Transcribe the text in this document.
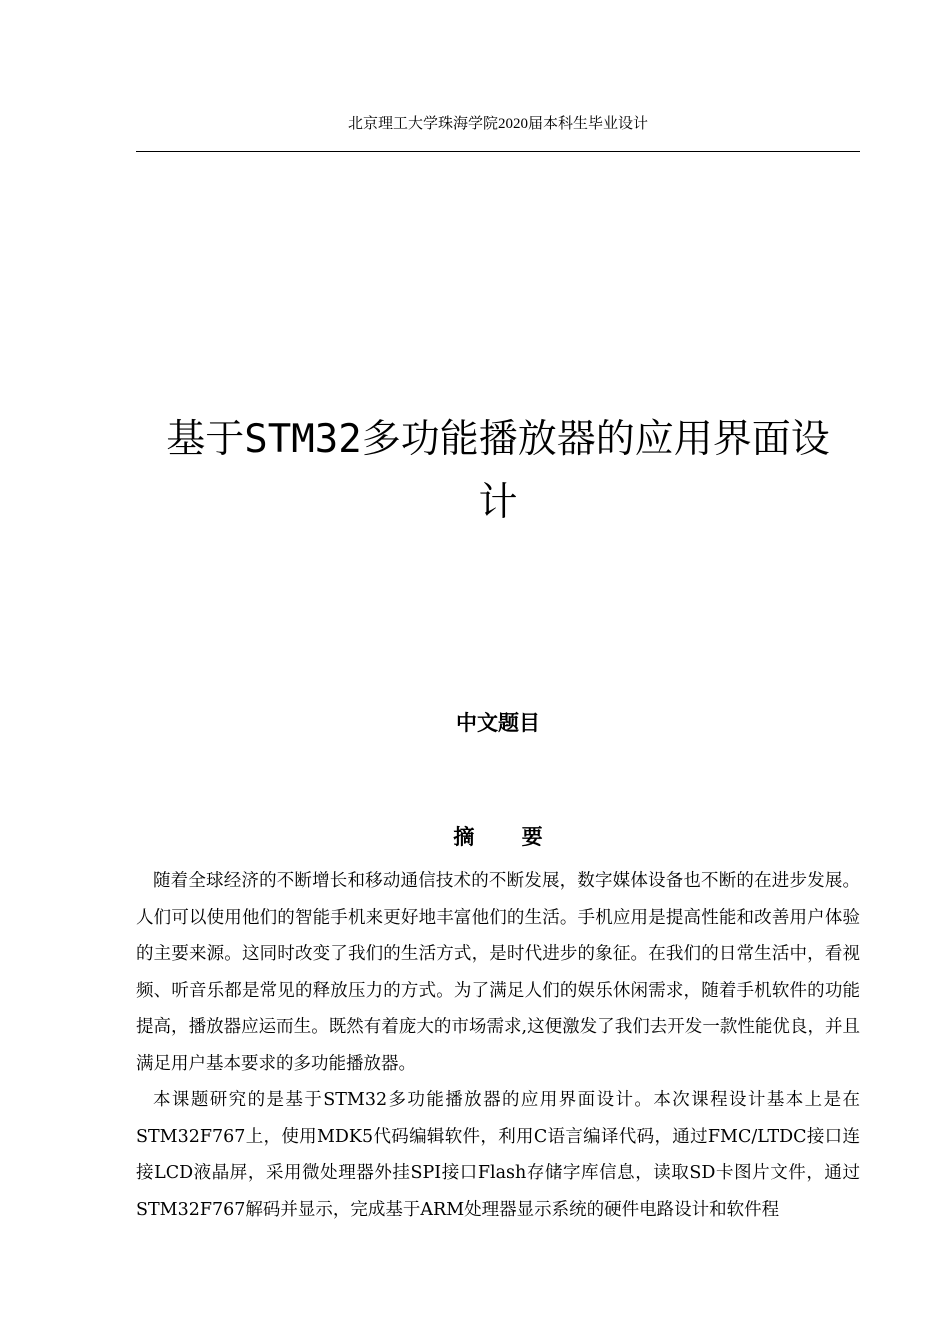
北京理工大学珠海学院2020届本科生毕业设计
基于STM32多功能播放器的应用界面设
计
中文题目
摘 要

随着全球经济的不断增长和移动通信技术的不断发展，数字媒体设备也不断的在进步发展。人们可以使用他们的智能手机来更好地丰富他们的生活。手机应用是提高性能和改善用户体验的主要来源。这同时改变了我们的生活方式，是时代进步的象征。在我们的日常生活中，看视频、听音乐都是常见的释放压力的方式。为了满足人们的娱乐休闲需求，随着手机软件的功能提高，播放器应运而生。既然有着庞大的市场需求,这便激发了我们去开发一款性能优良，并且满足用户基本要求的多功能播放器。

本课题研究的是基于STM32多功能播放器的应用界面设计。本次课程设计基本上是在STM32F767上，使用MDK5代码编辑软件，利用C语言编译代码，通过FMC/LTDC接口连接LCD液晶屏，采用微处理器外挂SPI接口Flash存储字库信息，读取SD卡图片文件，通过STM32F767解码并显示，完成基于ARM处理器显示系统的硬件电路设计和软件程
